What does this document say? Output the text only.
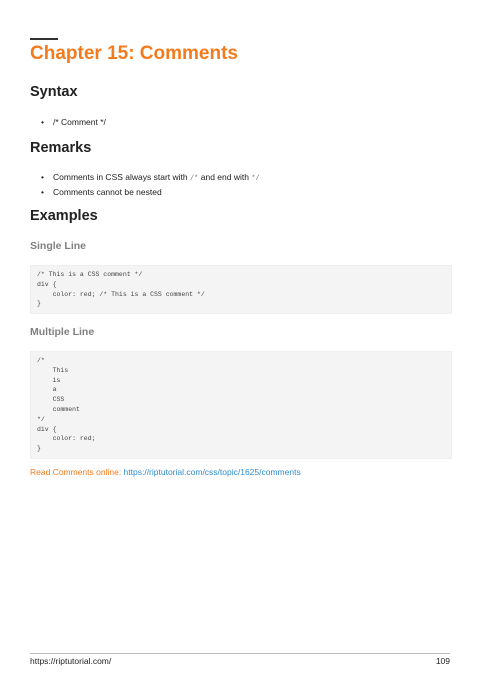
Chapter 15: Comments
Syntax
• /* Comment */
Remarks
• Comments in CSS always start with /* and end with */
• Comments cannot be nested
Examples
Single Line
/* This is a CSS comment */
div {
color: red; /* This is a CSS comment */
}
Multiple Line
/*
This
is
a
CSS
comment
*/
div {
color: red;
}
Read Comments online: https://riptutorial.com/css/topic/1625/comments
https://riptutorial.com/	109
